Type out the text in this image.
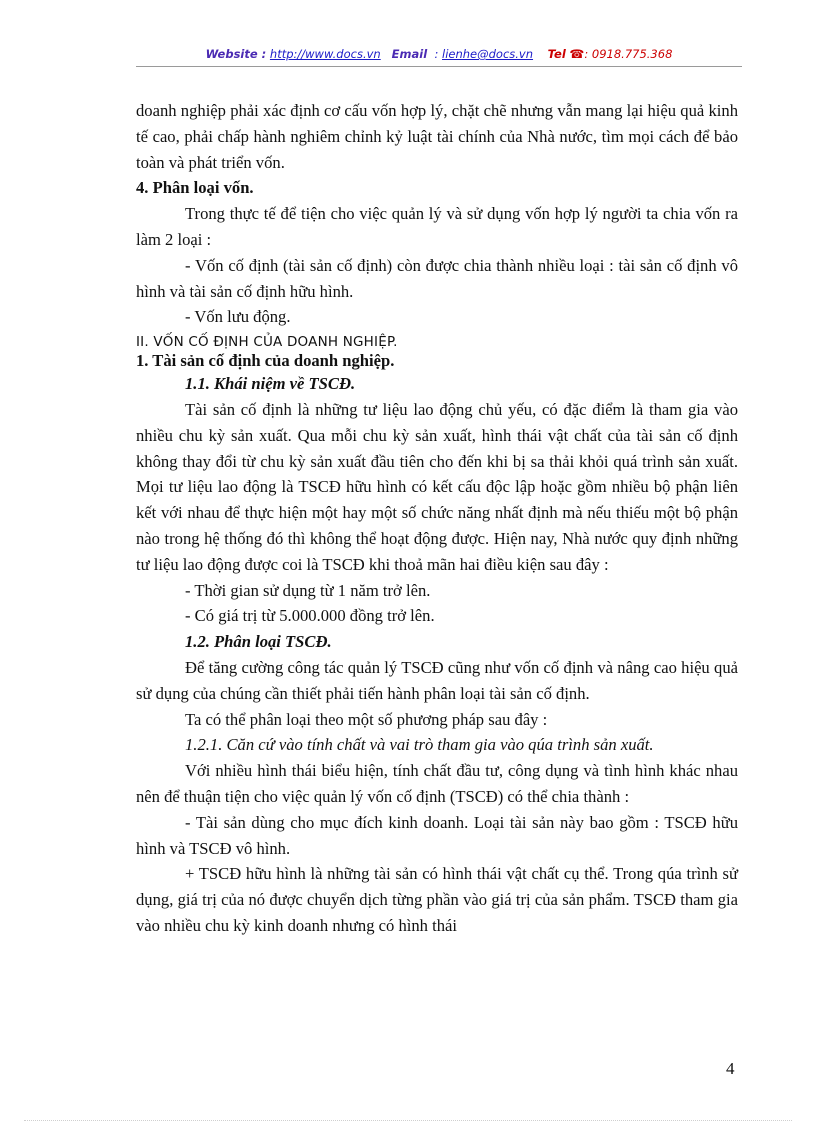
Website : http://www.docs.vn Email : lienhe@docs.vn Tel ☎: 0918.775.368

doanh nghiệp phải xác định cơ cấu vốn hợp lý, chặt chẽ nhưng vẫn mang lại hiệu quả kinh tế cao, phải chấp hành nghiêm chỉnh kỷ luật tài chính của Nhà nước, tìm mọi cách để bảo toàn và phát triển vốn.

4. Phân loại vốn.

Trong thực tế để tiện cho việc quản lý và sử dụng vốn hợp lý người ta chia vốn ra làm 2 loại :

- Vốn cố định (tài sản cố định) còn được chia thành nhiều loại : tài sản cố định vô hình và tài sản cố định hữu hình.

- Vốn lưu động.

II. VỐN CỐ ĐỊNH CỦA DOANH NGHIỆP.

1. Tài sản cố định của doanh nghiệp.

1.1. Khái niệm về TSCĐ.

Tài sản cố định là những tư liệu lao động chủ yếu, có đặc điểm là tham gia vào nhiều chu kỳ sản xuất. Qua mỗi chu kỳ sản xuất, hình thái vật chất của tài sản cố định không thay đổi từ chu kỳ sản xuất đầu tiên cho đến khi bị sa thải khỏi quá trình sản xuất. Mọi tư liệu lao động là TSCĐ hữu hình có kết cấu độc lập hoặc gồm nhiều bộ phận liên kết với nhau để thực hiện một hay một số chức năng nhất định mà nếu thiếu một bộ phận nào trong hệ thống đó thì không thể hoạt động được. Hiện nay, Nhà nước quy định những tư liệu lao động được coi là TSCĐ khi thoả mãn hai điều kiện sau đây :

- Thời gian sử dụng từ 1 năm trở lên.

- Có giá trị từ 5.000.000 đồng trở lên.

1.2. Phân loại TSCĐ.

Để tăng cường công tác quản lý TSCĐ cũng như vốn cố định và nâng cao hiệu quả sử dụng của chúng cần thiết phải tiến hành phân loại tài sản cố định.

Ta có thể phân loại theo một số phương pháp sau đây :

1.2.1. Căn cứ vào tính chất và vai trò tham gia vào qúa trình sản xuất.

Với nhiều hình thái biểu hiện, tính chất đầu tư, công dụng và tình hình khác nhau nên để thuận tiện cho việc quản lý vốn cố định (TSCĐ) có thể chia thành :

- Tài sản dùng cho mục đích kinh doanh. Loại tài sản này bao gồm : TSCĐ hữu hình và TSCĐ vô hình.

+ TSCĐ hữu hình là những tài sản có hình thái vật chất cụ thể. Trong qúa trình sử dụng, giá trị của nó được chuyển dịch từng phần vào giá trị của sản phẩm. TSCĐ tham gia vào nhiều chu kỳ kinh doanh nhưng có hình thái

4
